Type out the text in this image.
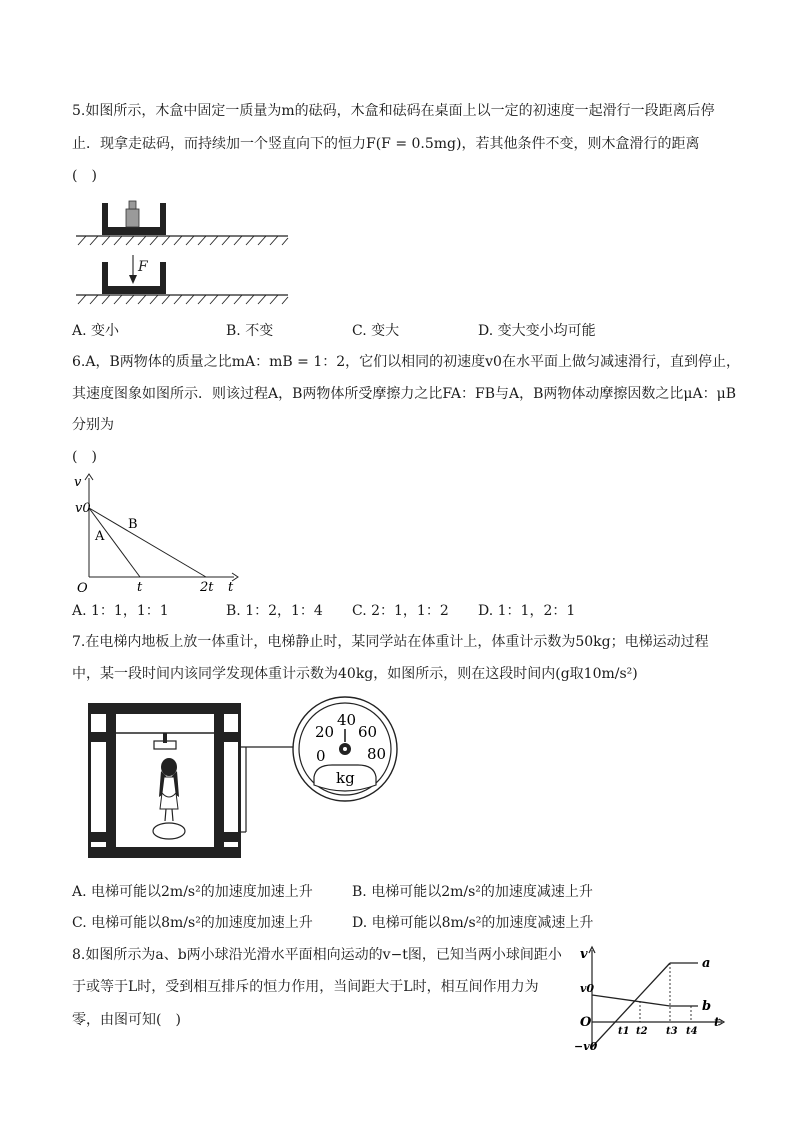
5.如图所示，木盒中固定一质量为m的砝码，木盒和砝码在桌面上以一定的初速度一起滑行一段距离后停
止．现拿走砝码，而持续加一个竖直向下的恒力F(F = 0.5mg)，若其他条件不变，则木盒滑行的距离
(　)
F
A. 变小	B. 不变	C. 变大	D. 变大变小均可能
6.A，B两物体的质量之比mA：mB = 1：2，它们以相同的初速度v0在水平面上做匀减速滑行，直到停止，
其速度图象如图所示．则该过程A，B两物体所受摩擦力之比FA：FB与A，B两物体动摩擦因数之比μA：μB
分别为
(　)
v
v0
O	t	2t t
A
B
A. 1：1，1：1	B. 1：2，1：4 C. 2：1，1：2 D. 1：1，2：1
7.在电梯内地板上放一体重计，电梯静止时，某同学站在体重计上，体重计示数为50kg；电梯运动过程
中，某一段时间内该同学发现体重计示数为40kg，如图所示，则在这段时间内(g取10m/s²)
0
20
40
60
80
kg
A. 电梯可能以2m/s²的加速度加速上升	B. 电梯可能以2m/s²的加速度减速上升
C. 电梯可能以8m/s²的加速度加速上升	D. 电梯可能以8m/s²的加速度减速上升
8.如图所示为a、b两小球沿光滑水平面相向运动的v−t图，已知当两小球间距小
于或等于L时，受到相互排斥的恒力作用，当间距大于L时，相互间作用力为
零，由图可知(　)
v
v0
O
−v0
t1 t2 t3 t4
t
a
b
